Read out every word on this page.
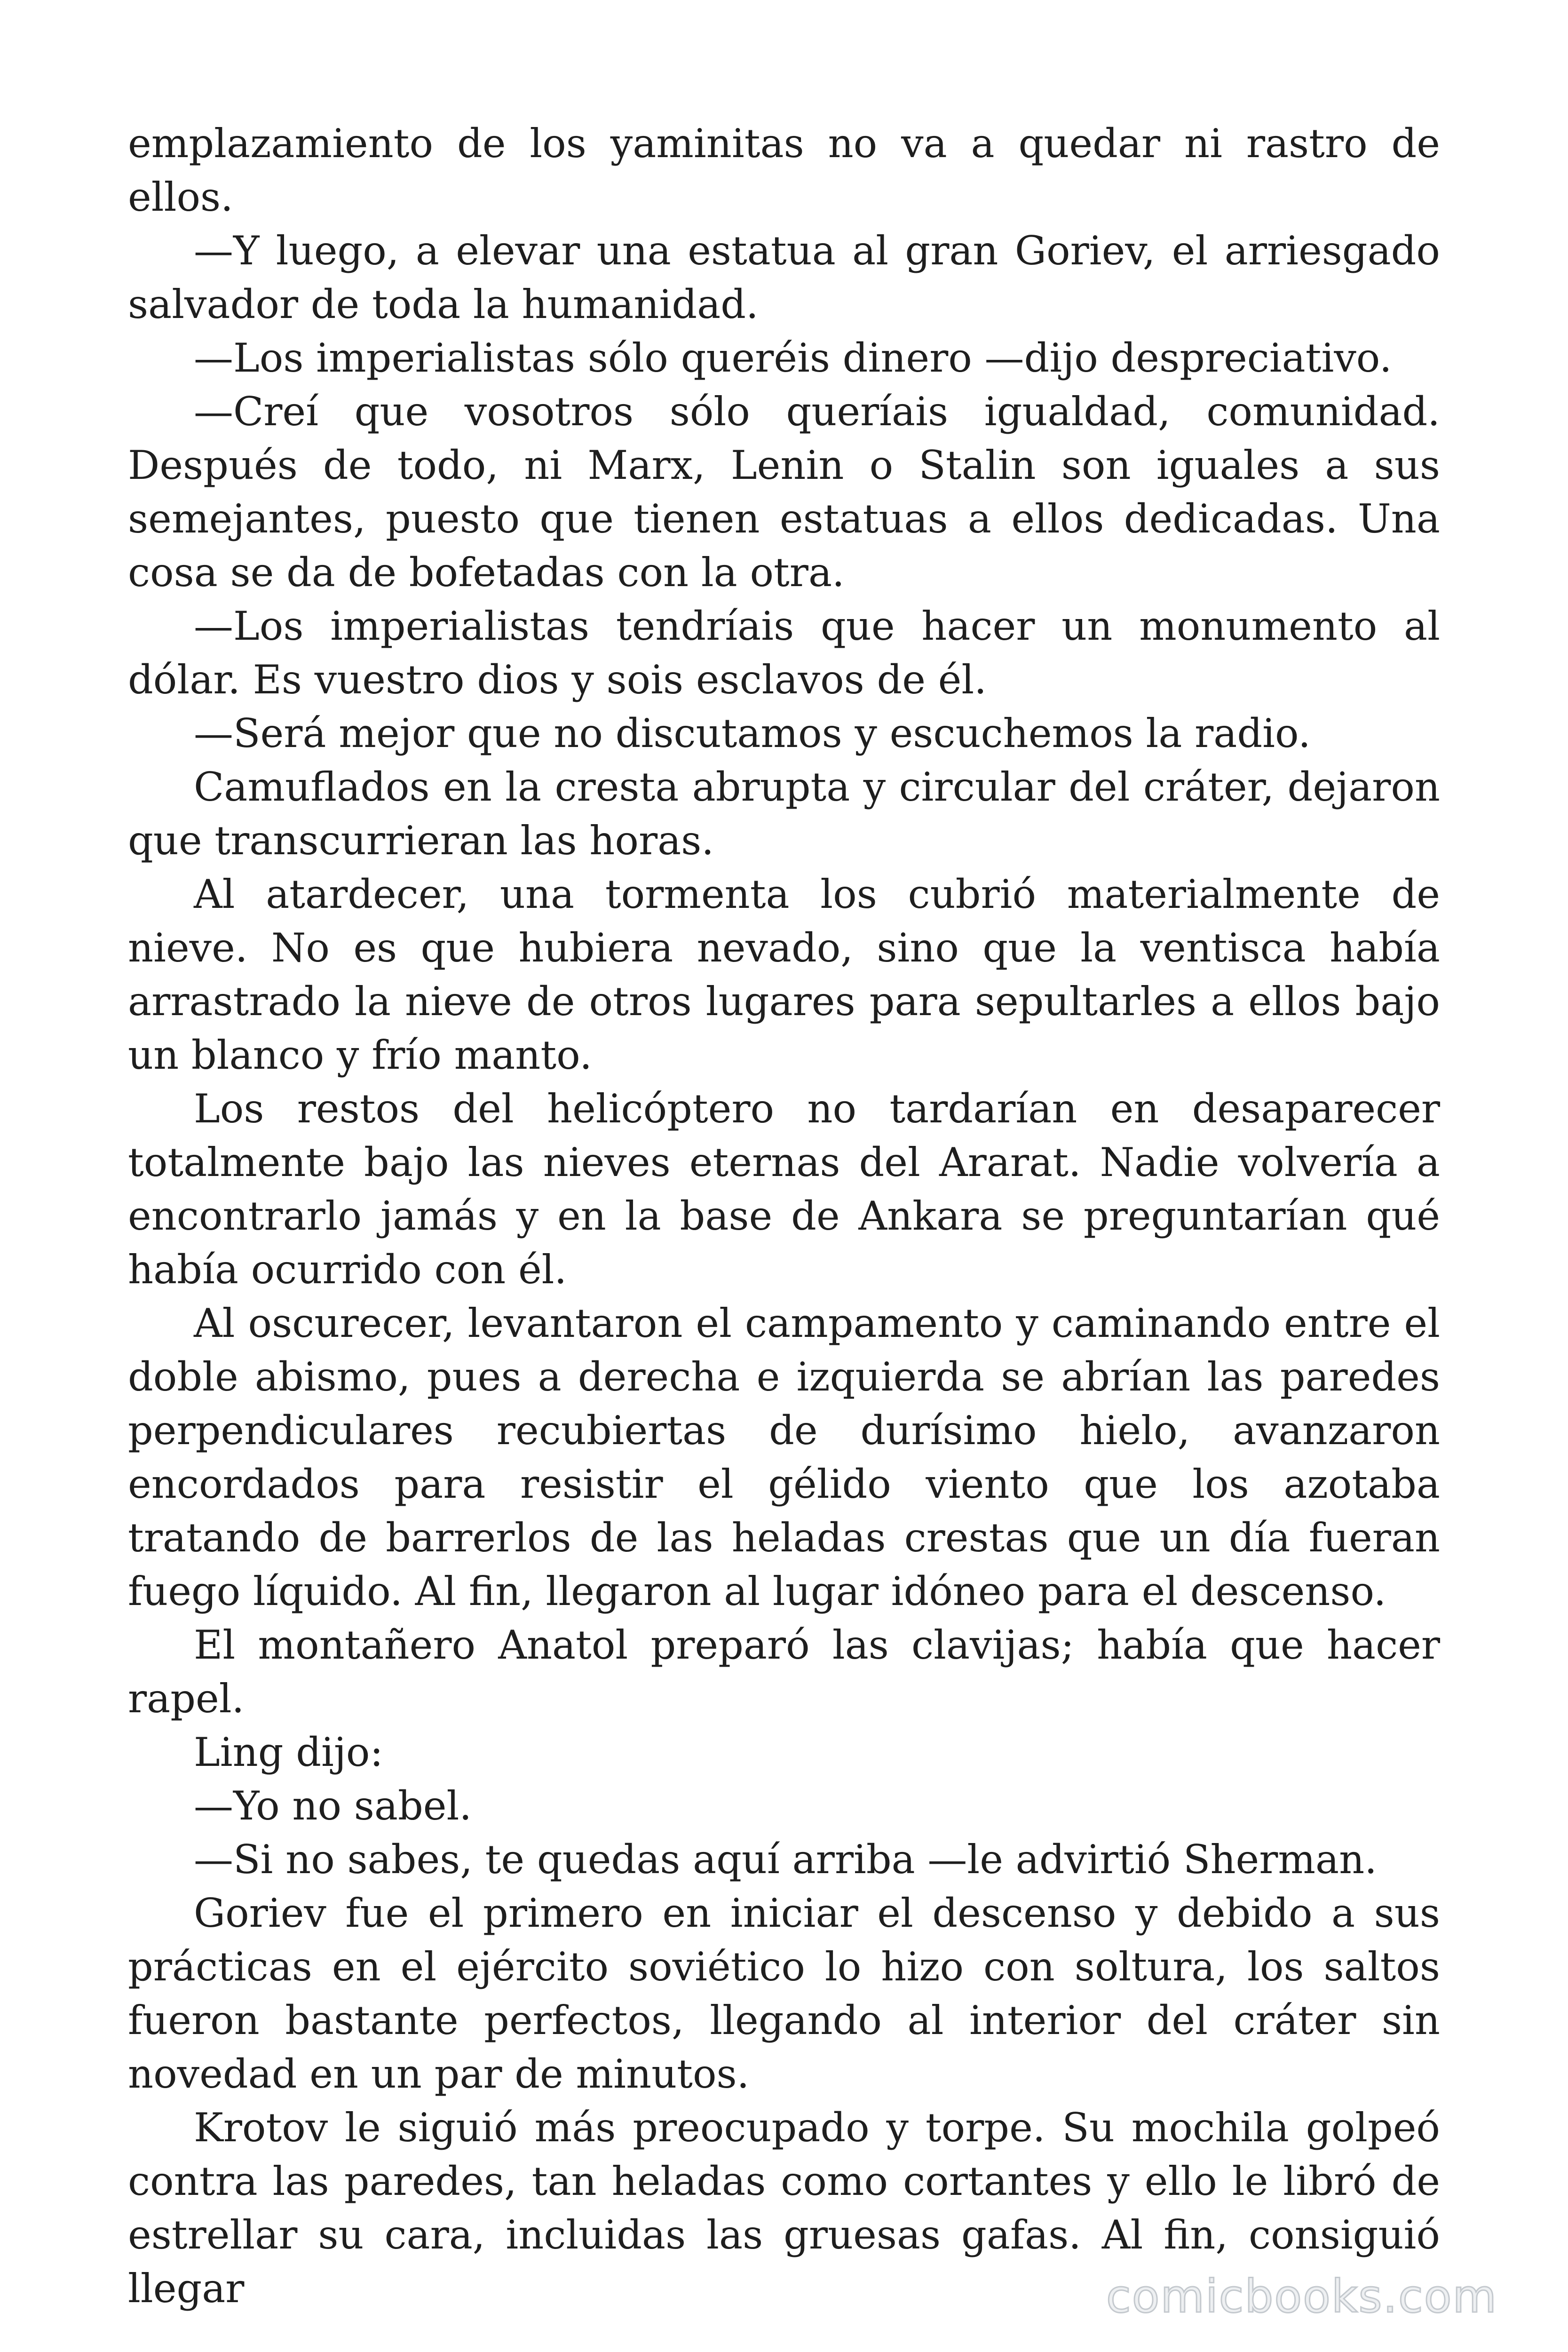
emplazamiento de los yaminitas no va a quedar ni rastro de ellos.

—Y luego, a elevar una estatua al gran Goriev, el arriesgado salvador de toda la humanidad.

—Los imperialistas sólo queréis dinero —dijo despreciativo.

—Creí que vosotros sólo queríais igualdad, comunidad. Después de todo, ni Marx, Lenin o Stalin son iguales a sus semejantes, puesto que tienen estatuas a ellos dedicadas. Una cosa se da de bofetadas con la otra.

—Los imperialistas tendríais que hacer un monumento al dólar. Es vuestro dios y sois esclavos de él.

—Será mejor que no discutamos y escuchemos la radio.

Camuflados en la cresta abrupta y circular del cráter, dejaron que transcurrieran las horas.

Al atardecer, una tormenta los cubrió materialmente de nieve. No es que hubiera nevado, sino que la ventisca había arrastrado la nieve de otros lugares para sepultarles a ellos bajo un blanco y frío manto.

Los restos del helicóptero no tardarían en desaparecer totalmente bajo las nieves eternas del Ararat. Nadie volvería a encontrarlo jamás y en la base de Ankara se preguntarían qué había ocurrido con él.

Al oscurecer, levantaron el campamento y caminando entre el doble abismo, pues a derecha e izquierda se abrían las paredes perpendiculares recubiertas de durísimo hielo, avanzaron encordados para resistir el gélido viento que los azotaba tratando de barrerlos de las heladas crestas que un día fueran fuego líquido. Al fin, llegaron al lugar idóneo para el descenso.

El montañero Anatol preparó las clavijas; había que hacer rapel.

Ling dijo:

—Yo no sabel.

—Si no sabes, te quedas aquí arriba —le advirtió Sherman.

Goriev fue el primero en iniciar el descenso y debido a sus prácticas en el ejército soviético lo hizo con soltura, los saltos fueron bastante perfectos, llegando al interior del cráter sin novedad en un par de minutos.

Krotov le siguió más preocupado y torpe. Su mochila golpeó contra las paredes, tan heladas como cortantes y ello le libró de estrellar su cara, incluidas las gruesas gafas. Al fin, consiguió llegar	comicbooks.com
